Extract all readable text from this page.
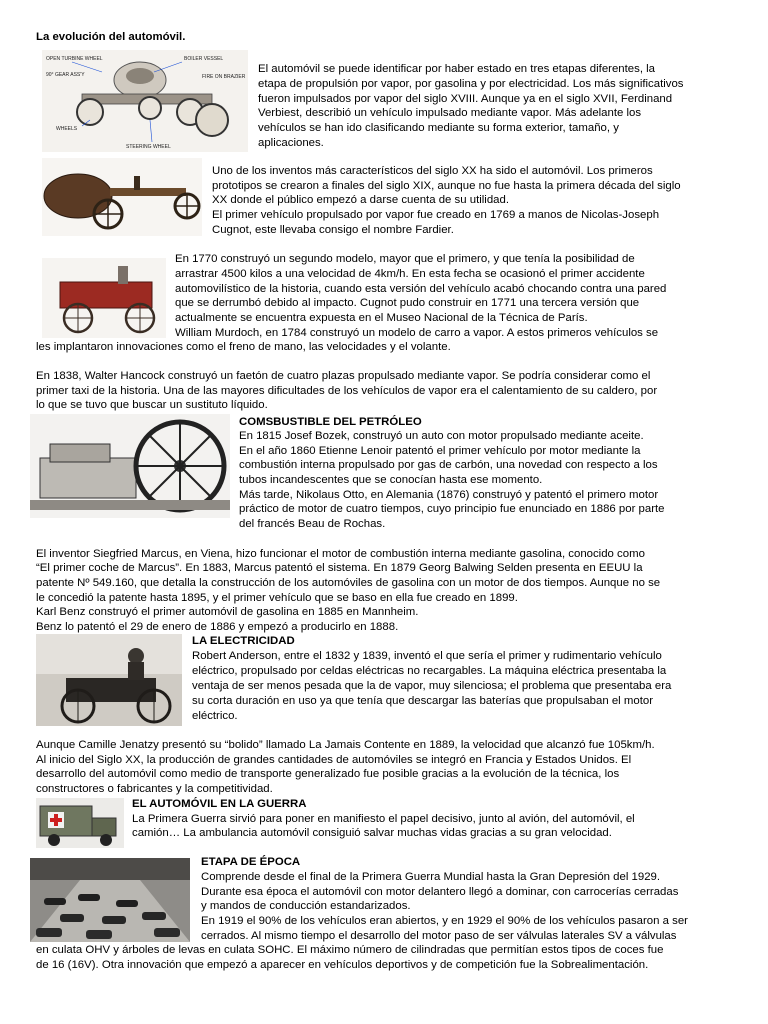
La evolución del automóvil.
OPEN TURBINE WHEEL	BOILER VESSEL
90° GEAR ASS'Y	FIRE ON BRAZIER
WHEELS
STEERING WHEEL
El automóvil se puede identificar por haber estado en tres etapas diferentes, la
etapa de propulsión por vapor, por gasolina y por electricidad. Los más significativos
fueron impulsados por vapor del siglo XVIII. Aunque ya en el siglo XVII, Ferdinand
Verbiest, describió un vehículo impulsado mediante vapor. Más adelante los
vehículos se han ido clasificando mediante su forma exterior, tamaño, y
aplicaciones.
Uno de los inventos más característicos del siglo XX ha sido el automóvil. Los primeros
prototipos se crearon a finales del siglo XIX, aunque no fue hasta la primera década del siglo
XX donde el público empezó a darse cuenta de su utilidad.
El primer vehículo propulsado por vapor fue creado en 1769 a manos de Nicolas-Joseph
Cugnot, este llevaba consigo el nombre Fardier.
En 1770 construyó un segundo modelo, mayor que el primero, y que tenía la posibilidad de
arrastrar 4500 kilos a una velocidad de 4km/h. En esta fecha se ocasionó el primer accidente
automovilístico de la historia, cuando esta versión del vehículo acabó chocando contra una pared
que se derrumbó debido al impacto. Cugnot pudo construir en 1771 una tercera versión que
actualmente se encuentra expuesta en el Museo Nacional de la Técnica de París.
William Murdoch, en 1784 construyó un modelo de carro a vapor. A estos primeros vehículos se
les implantaron innovaciones como el freno de mano, las velocidades y el volante.
En 1838, Walter Hancock construyó un faetón de cuatro plazas propulsado mediante vapor. Se podría considerar como el
primer taxi de la historia. Una de las mayores dificultades de los vehículos de vapor era el calentamiento de su caldero, por
lo que se tuvo que buscar un sustituto líquido.
COMSBUSTIBLE DEL PETRÓLEO
En 1815 Josef Bozek, construyó un auto con motor propulsado mediante aceite.
En el año 1860 Etienne Lenoir patentó el primer vehículo por motor mediante la
combustión interna propulsado por gas de carbón, una novedad con respecto a los
tubos incandescentes que se conocían hasta ese momento.
Más tarde, Nikolaus Otto, en Alemania (1876) construyó y patentó el primero motor
práctico de motor de cuatro tiempos, cuyo principio fue enunciado en 1886 por parte
del francés Beau de Rochas.
El inventor Siegfried Marcus, en Viena, hizo funcionar el motor de combustión interna mediante gasolina, conocido como
“El primer coche de Marcus”. En 1883, Marcus patentó el sistema. En 1879 Georg Balwing Selden presenta en EEUU la
patente Nº 549.160, que detalla la construcción de los automóviles de gasolina con un motor de dos tiempos. Aunque no se
le concedió la patente hasta 1895, y el primer vehículo que se baso en ella fue creado en 1899.
Karl Benz construyó el primer automóvil de gasolina en 1885 en Mannheim.
Benz lo patentó el 29 de enero de 1886 y empezó a producirlo en 1888.
LA ELECTRICIDAD
Robert Anderson, entre el 1832 y 1839, inventó el que sería el primer y rudimentario vehículo
eléctrico, propulsado por celdas eléctricas no recargables. La máquina eléctrica presentaba la
ventaja de ser menos pesada que la de vapor, muy silenciosa; el problema que presentaba era
su corta duración en uso ya que tenía que descargar las baterías que propulsaban el motor
eléctrico.
Aunque Camille Jenatzy presentó su “bolido” llamado La Jamais Contente en 1889, la velocidad que alcanzó fue 105km/h.
Al inicio del Siglo XX, la producción de grandes cantidades de automóviles se integró en Francia y Estados Unidos. El
desarrollo del automóvil como medio de transporte generalizado fue posible gracias a la evolución de la técnica, los
constructores o fabricantes y la competitividad.
EL AUTOMÓVIL EN LA GUERRA
La Primera Guerra sirvió para poner en manifiesto el papel decisivo, junto al avión, del automóvil, el
camión… La ambulancia automóvil consiguió salvar muchas vidas gracias a su gran velocidad.
ETAPA DE ÉPOCA
Comprende desde el final de la Primera Guerra Mundial hasta la Gran Depresión del 1929.
Durante esa época el automóvil con motor delantero llegó a dominar, con carrocerías cerradas
y mandos de conducción estandarizados.
En 1919 el 90% de los vehículos eran abiertos, y en 1929 el 90% de los vehículos pasaron a ser
cerrados. Al mismo tiempo el desarrollo del motor paso de ser válvulas laterales SV a válvulas
en culata OHV y árboles de levas en culata SOHC. El máximo número de cilindradas que permitían estos tipos de coces fue
de 16 (16V). Otra innovación que empezó a aparecer en vehículos deportivos y de competición fue la Sobrealimentación.
